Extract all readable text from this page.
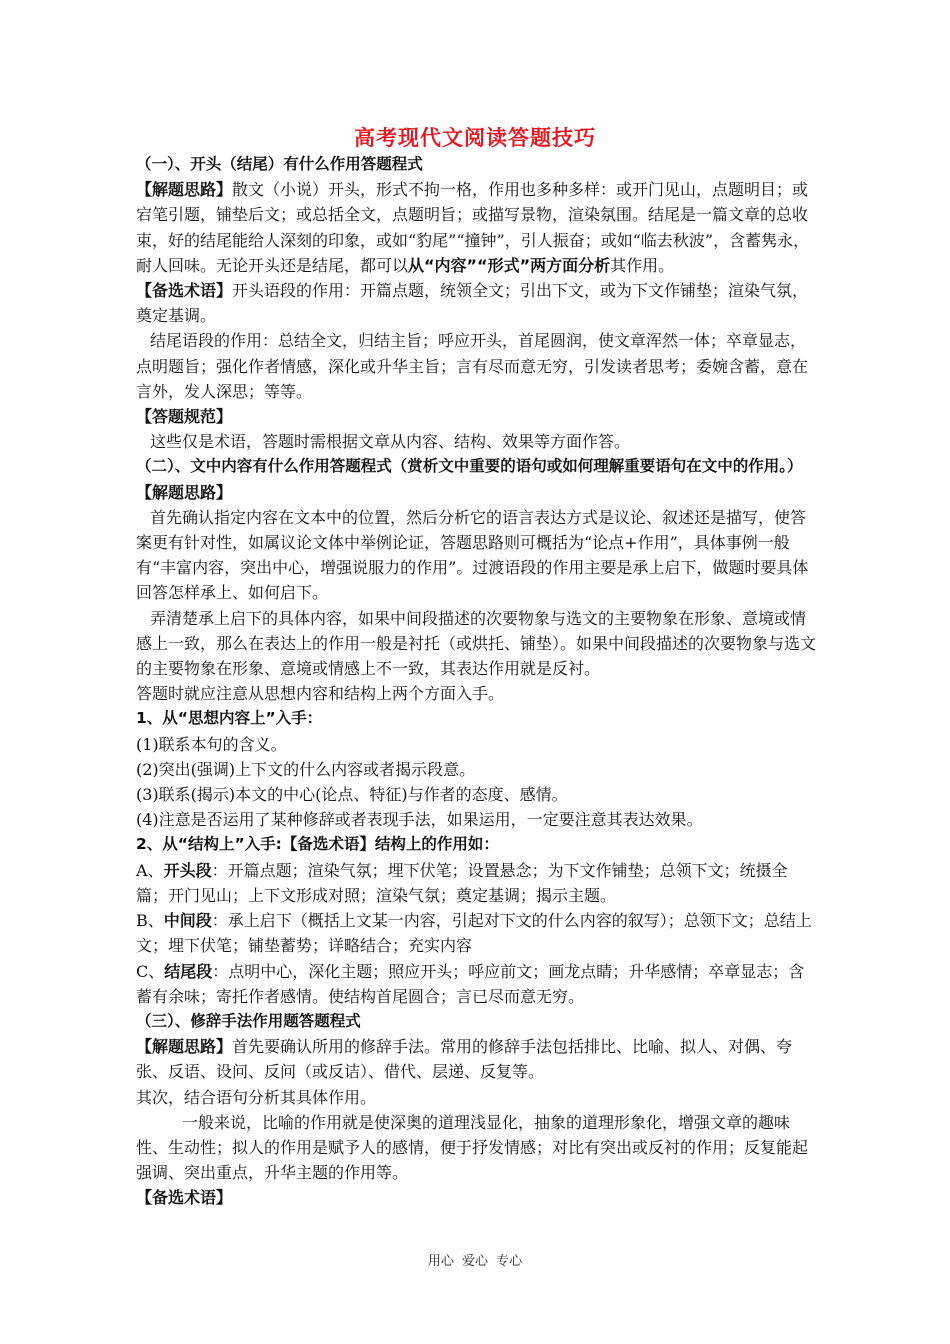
高考现代文阅读答题技巧

（一）、开头（结尾）有什么作用答题程式

【解题思路】散文（小说）开头，形式不拘一格，作用也多种多样：或开门见山，点题明目；或宕笔引题，铺垫后文；或总括全文，点题明旨；或描写景物，渲染氛围。结尾是一篇文章的总收束，好的结尾能给人深刻的印象，或如“豹尾”“撞钟”，引人振奋；或如“临去秋波”，含蓄隽永，耐人回味。无论开头还是结尾，都可以从“内容”“形式”两方面分析其作用。

【备选术语】开头语段的作用：开篇点题，统领全文；引出下文，或为下文作铺垫；渲染气氛，奠定基调。

结尾语段的作用：总结全文，归结主旨；呼应开头，首尾圆润，使文章浑然一体；卒章显志，点明题旨；强化作者情感，深化或升华主旨；言有尽而意无穷，引发读者思考；委婉含蓄，意在言外，发人深思；等等。

【答题规范】

这些仅是术语，答题时需根据文章从内容、结构、效果等方面作答。

（二）、文中内容有什么作用答题程式（赏析文中重要的语句或如何理解重要语句在文中的作用。）

【解题思路】

首先确认指定内容在文本中的位置，然后分析它的语言表达方式是议论、叙述还是描写，使答案更有针对性，如属议论文体中举例论证，答题思路则可概括为“论点+作用”，具体事例一般有“丰富内容，突出中心，增强说服力的作用”。过渡语段的作用主要是承上启下，做题时要具体回答怎样承上、如何启下。

弄清楚承上启下的具体内容，如果中间段描述的次要物象与选文的主要物象在形象、意境或情感上一致，那么在表达上的作用一般是衬托（或烘托、铺垫）。如果中间段描述的次要物象与选文的主要物象在形象、意境或情感上不一致，其表达作用就是反衬。

答题时就应注意从思想内容和结构上两个方面入手。

1、从“思想内容上”入手：

(1)联系本句的含义。

(2)突出(强调)上下文的什么内容或者揭示段意。

(3)联系(揭示)本文的中心(论点、特征)与作者的态度、感情。

(4)注意是否运用了某种修辞或者表现手法，如果运用，一定要注意其表达效果。

2、从“结构上”入手:【备选术语】结构上的作用如：

A、开头段：开篇点题；渲染气氛；埋下伏笔；设置悬念；为下文作铺垫；总领下文；统摄全篇；开门见山；上下文形成对照；渲染气氛；奠定基调；揭示主题。

B、中间段：承上启下（概括上文某一内容，引起对下文的什么内容的叙写）；总领下文；总结上文；埋下伏笔；铺垫蓄势；详略结合；充实内容

C、结尾段：点明中心，深化主题；照应开头；呼应前文；画龙点睛；升华感情；卒章显志；含蓄有余味；寄托作者感情。使结构首尾圆合；言已尽而意无穷。

（三）、修辞手法作用题答题程式

【解题思路】首先要确认所用的修辞手法。常用的修辞手法包括排比、比喻、拟人、对偶、夸张、反语、设问、反问（或反诘）、借代、层递、反复等。

其次，结合语句分析其具体作用。

一般来说，比喻的作用就是使深奥的道理浅显化，抽象的道理形象化，增强文章的趣味性、生动性；拟人的作用是赋予人的感情，便于抒发情感；对比有突出或反衬的作用；反复能起强调、突出重点，升华主题的作用等。

【备选术语】

用心 爱心 专心
